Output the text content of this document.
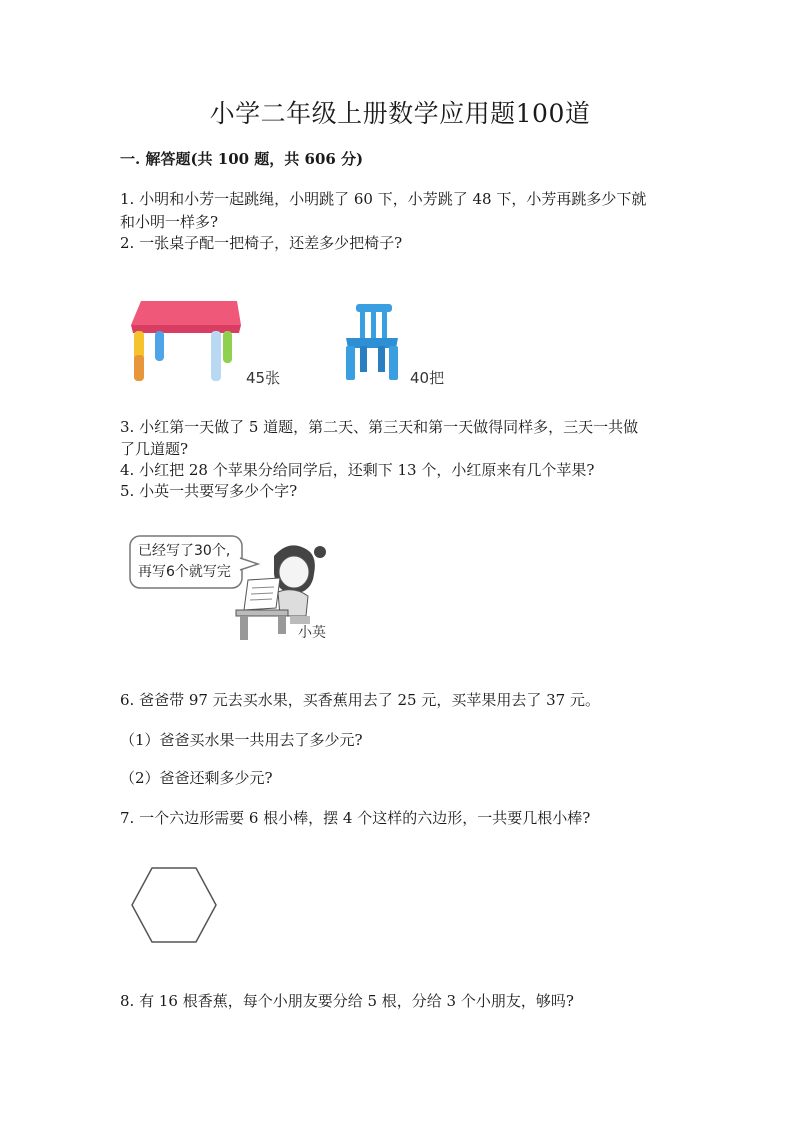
小学二年级上册数学应用题100道
一. 解答题(共 100 题，共 606 分)
1. 小明和小芳一起跳绳，小明跳了 60 下，小芳跳了 48 下，小芳再跳多少下就
和小明一样多?
2. 一张桌子配一把椅子，还差多少把椅子?
45张	40把
3. 小红第一天做了 5 道题，第二天、第三天和第一天做得同样多，三天一共做
了几道题?
4. 小红把 28 个苹果分给同学后，还剩下 13 个，小红原来有几个苹果?
5. 小英一共要写多少个字?
已经写了30个,
再写6个就写完
小英
6. 爸爸带 97 元去买水果，买香蕉用去了 25 元，买苹果用去了 37 元。
（1）爸爸买水果一共用去了多少元?
（2）爸爸还剩多少元?
7. 一个六边形需要 6 根小棒，摆 4 个这样的六边形，一共要几根小棒?
8. 有 16 根香蕉，每个小朋友要分给 5 根，分给 3 个小朋友，够吗?
